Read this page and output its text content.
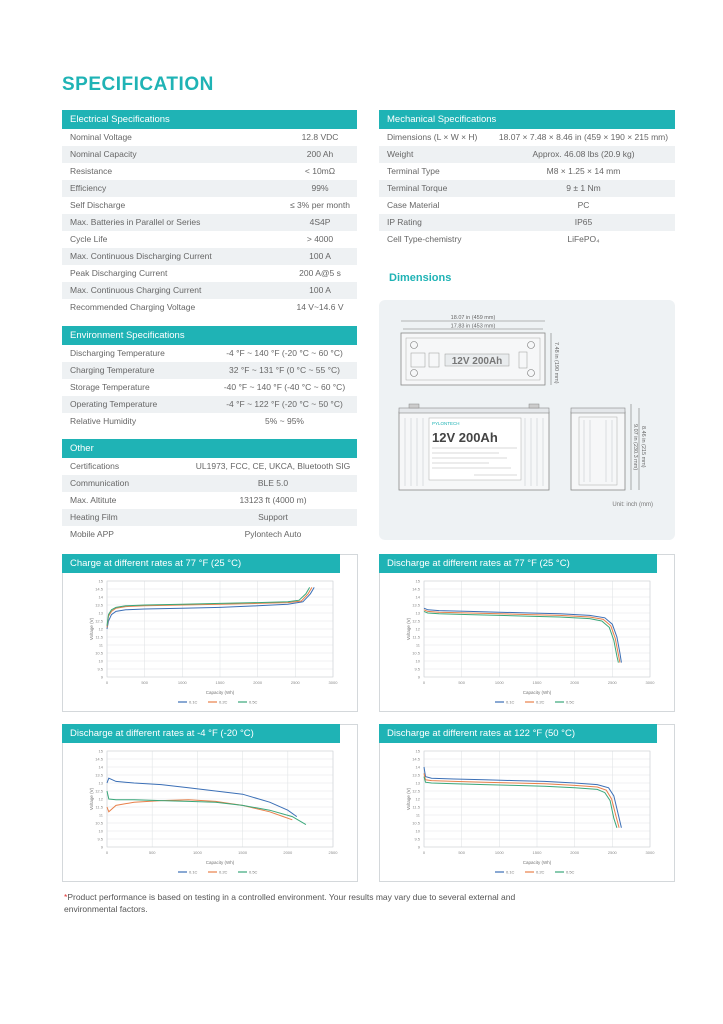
SPECIFICATION
Electrical Specifications
Nominal Voltage	12.8 VDC
Nominal Capacity	200 Ah
Resistance	< 10mΩ
Efficiency	99%
Self Discharge	≤ 3% per month
Max. Batteries in Parallel or Series	4S4P
Cycle Life	> 4000
Max. Continuous Discharging Current	100 A
Peak Discharging Current	200 A@5 s
Max. Continuous Charging Current	100 A
Recommended Charging Voltage	14 V~14.6 V
Environment Specifications
Discharging Temperature	-4 °F ~ 140 °F (-20 °C ~ 60 °C)
Charging Temperature	32 °F ~ 131 °F (0 °C ~ 55 °C)
Storage Temperature	-40 °F ~ 140 °F (-40 °C ~ 60 °C)
Operating Temperature	-4 °F ~ 122 °F (-20 °C ~ 50 °C)
Relative Humidity	5% ~ 95%
Other
Certifications	UL1973, FCC, CE, UKCA, Bluetooth SIG
Communication	BLE 5.0
Max. Altitute	13123 ft (4000 m)
Heating Film	Support
Mobile APP	Pylontech Auto
Mechanical Specifications
Dimensions (L × W × H)	18.07 × 7.48 × 8.46 in (459 × 190 × 215 mm)
Weight	Approx. 46.08 lbs (20.9 kg)
Terminal Type	M8 × 1.25 × 14 mm
Terminal Torque	9 ± 1 Nm
Case Material	PC
IP Rating	IP65
Cell Type-chemistry	LiFePO₄
Dimensions
18.07 in (459 mm)
17.83 in (453 mm)
12V 200Ah	7.48 in (190 mm)
PYLONTECH
12V 200Ah	9.07 in (230.3 mm) 8.46 in (215 mm)
Unit: inch (mm)
Charge at different rates at 77 °F (25 °C)
9
9.5
10
10.5
11
11.5
12
12.5
13
13.5
14
14.5
15
0	500	1000	1500	2000	2500	3000
Capacity (Wh)
Voltage (V)
0.1C	0.2C	0.5C
Discharge at different rates at 77 °F (25 °C)
9
9.5
10
10.5
11
11.5
12
12.5
13
13.5
14
14.5
15
0	500	1000	1500	2000	2500	3000
Capacity (Wh)
Voltage (V)
0.1C	0.2C	0.5C
Discharge at different rates at -4 °F (-20 °C)
9
9.5
10
10.5
11
11.5
12
12.5
13
13.5
14
14.5
15
0	500	1000	1500	2000	2500
Capacity (Wh)
Voltage (V)
0.1C	0.2C	0.5C
Discharge at different rates at 122 °F (50 °C)
9
9.5
10
10.5
11
11.5
12
12.5
13
13.5
14
14.5
15
0	500	1000	1500	2000	2500	3000
Capacity (Wh)
Voltage (V)
0.1C	0.2C	0.5C
*Product performance is based on testing in a controlled environment. Your results may vary due to several external and environmental factors.
